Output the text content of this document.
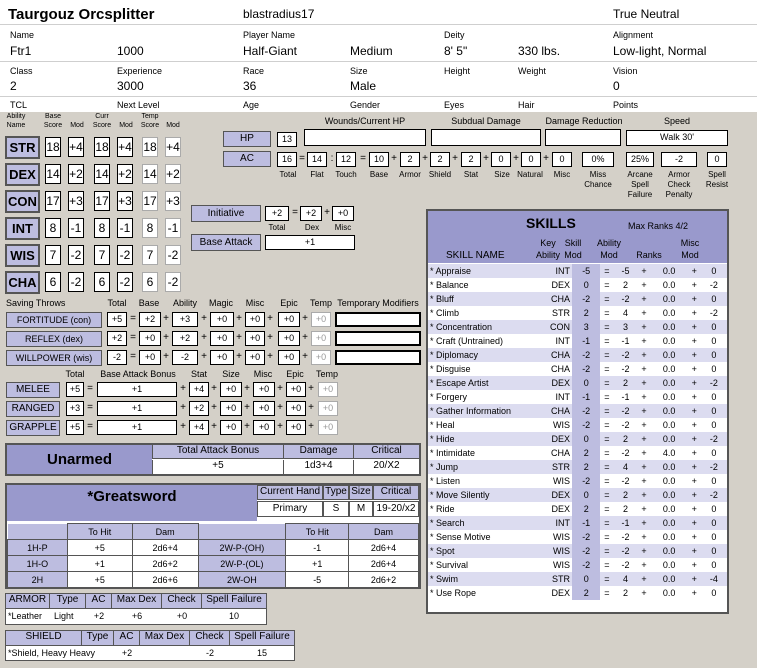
Taurgouz Orcsplitter	blastradius17	True Neutral
Name	Player Name	Deity	Alignment
Ftr1	1000	Half-Giant	Medium	8' 5"	330 lbs.	Low-light, Normal
Class	Experience	Race	Size	Height	Weight	Vision
2	3000	36	Male	0
TCL	Next Level	Age	Gender	Eyes	Hair	Points
Ability Name
Base Score	Mod
Curr Score	Mod
Temp Score	Mod
STR 18 +4 18 +4 18 +4
DEX 14 +2 14 +2 14 +2
CON 17 +3 17 +3 17 +3
INT	8	-1	8	-1	8	-1
WIS	7	-2	7	-2	7	-2
CHA	6	-2	6	-2	6	-2
HP	13
Wounds/Current HP	Subdual Damage	Damage Reduction	Speed
Walk 30'
AC	16 = 14 : 12 = 10 +	2 +	2 +	2 +	0 +	0 +	0	0%	25%	-2	0
Total	Flat	Touch	Base	Armor Shield	Stat	Size Natural	Misc	Miss Chance
Arcane Spell Failure
Armor Check Penalty
Spell Resist
Initiative	+2 = +2 + +0
Total	Dex	Misc
Base Attack	+1
Saving Throws	Total	Base	Ability	Magic	Misc	Epic	Temp Temporary Modifiers
FORTITUDE (con)	+5 = +2 +	+3	+	+0 + +0 +	+0 + +0
REFLEX (dex)	+2 = +0 +	+2	+	+0 + +0 +	+0 + +0
WILLPOWER (wis)	-2 = +0 +	-2	+	+0 + +0 +	+0 + +0
Total	Base Attack Bonus	Stat	Size	Misc	Epic	Temp
MELEE	+5 =	+1	+ +4 + +0 + +0 + +0 + +0
RANGED	+3 =	+1	+ +2 + +0 + +0 + +0 + +0
GRAPPLE	+5 =	+1	+ +4 + +0 + +0 + +0 + +0
Unarmed
Total Attack Bonus	Damage	Critical
+5	1d3+4	20/X2
*Greatsword	Current Hand Type Size	Critical
Primary	S	M	19-20/x2
	To Hit	Dam		To Hit	Dam
1H-P	+5	2d6+4	2W-P-(OH)	-1	2d6+4
1H-O	+1	2d6+2	2W-P-(OL)	+1	2d6+4
2H	+5	2d6+6	2W-OH	-5	2d6+2
ARMOR	Type	AC	Max Dex	Check	Spell Failure
*Leather Light	+2	+6	+0	10
SHIELD	Type	AC	Max Dex	Check	Spell Failure
*Shield, Heavy Heavy	+2	-2	15
SKILLS	Max Ranks 4/2
SKILL NAME
Key Ability
Skill Mod
Ability Mod	Ranks
Misc Mod
* Appraise	INT	-5	=	-5	+	0.0	+	0
* Balance	DEX	0	=	2	+	0.0	+	-2
* Bluff	CHA	-2	=	-2	+	0.0	+	0
* Climb	STR	2	=	4	+	0.0	+	-2
* Concentration	CON	3	=	3	+	0.0	+	0
* Craft (Untrained)	INT	-1	=	-1	+	0.0	+	0
* Diplomacy	CHA	-2	=	-2	+	0.0	+	0
* Disguise	CHA	-2	=	-2	+	0.0	+	0
* Escape Artist	DEX	0	=	2	+	0.0	+	-2
* Forgery	INT	-1	=	-1	+	0.0	+	0
* Gather Information	CHA	-2	=	-2	+	0.0	+	0
* Heal	WIS	-2	=	-2	+	0.0	+	0
* Hide	DEX	0	=	2	+	0.0	+	-2
* Intimidate	CHA	2	=	-2	+	4.0	+	0
* Jump	STR	2	=	4	+	0.0	+	-2
* Listen	WIS	-2	=	-2	+	0.0	+	0
* Move Silently	DEX	0	=	2	+	0.0	+	-2
* Ride	DEX	2	=	2	+	0.0	+	0
* Search	INT	-1	=	-1	+	0.0	+	0
* Sense Motive	WIS	-2	=	-2	+	0.0	+	0
* Spot	WIS	-2	=	-2	+	0.0	+	0
* Survival	WIS	-2	=	-2	+	0.0	+	0
* Swim	STR	0	=	4	+	0.0	+	-4
* Use Rope	DEX	2	=	2	+	0.0	+	0
